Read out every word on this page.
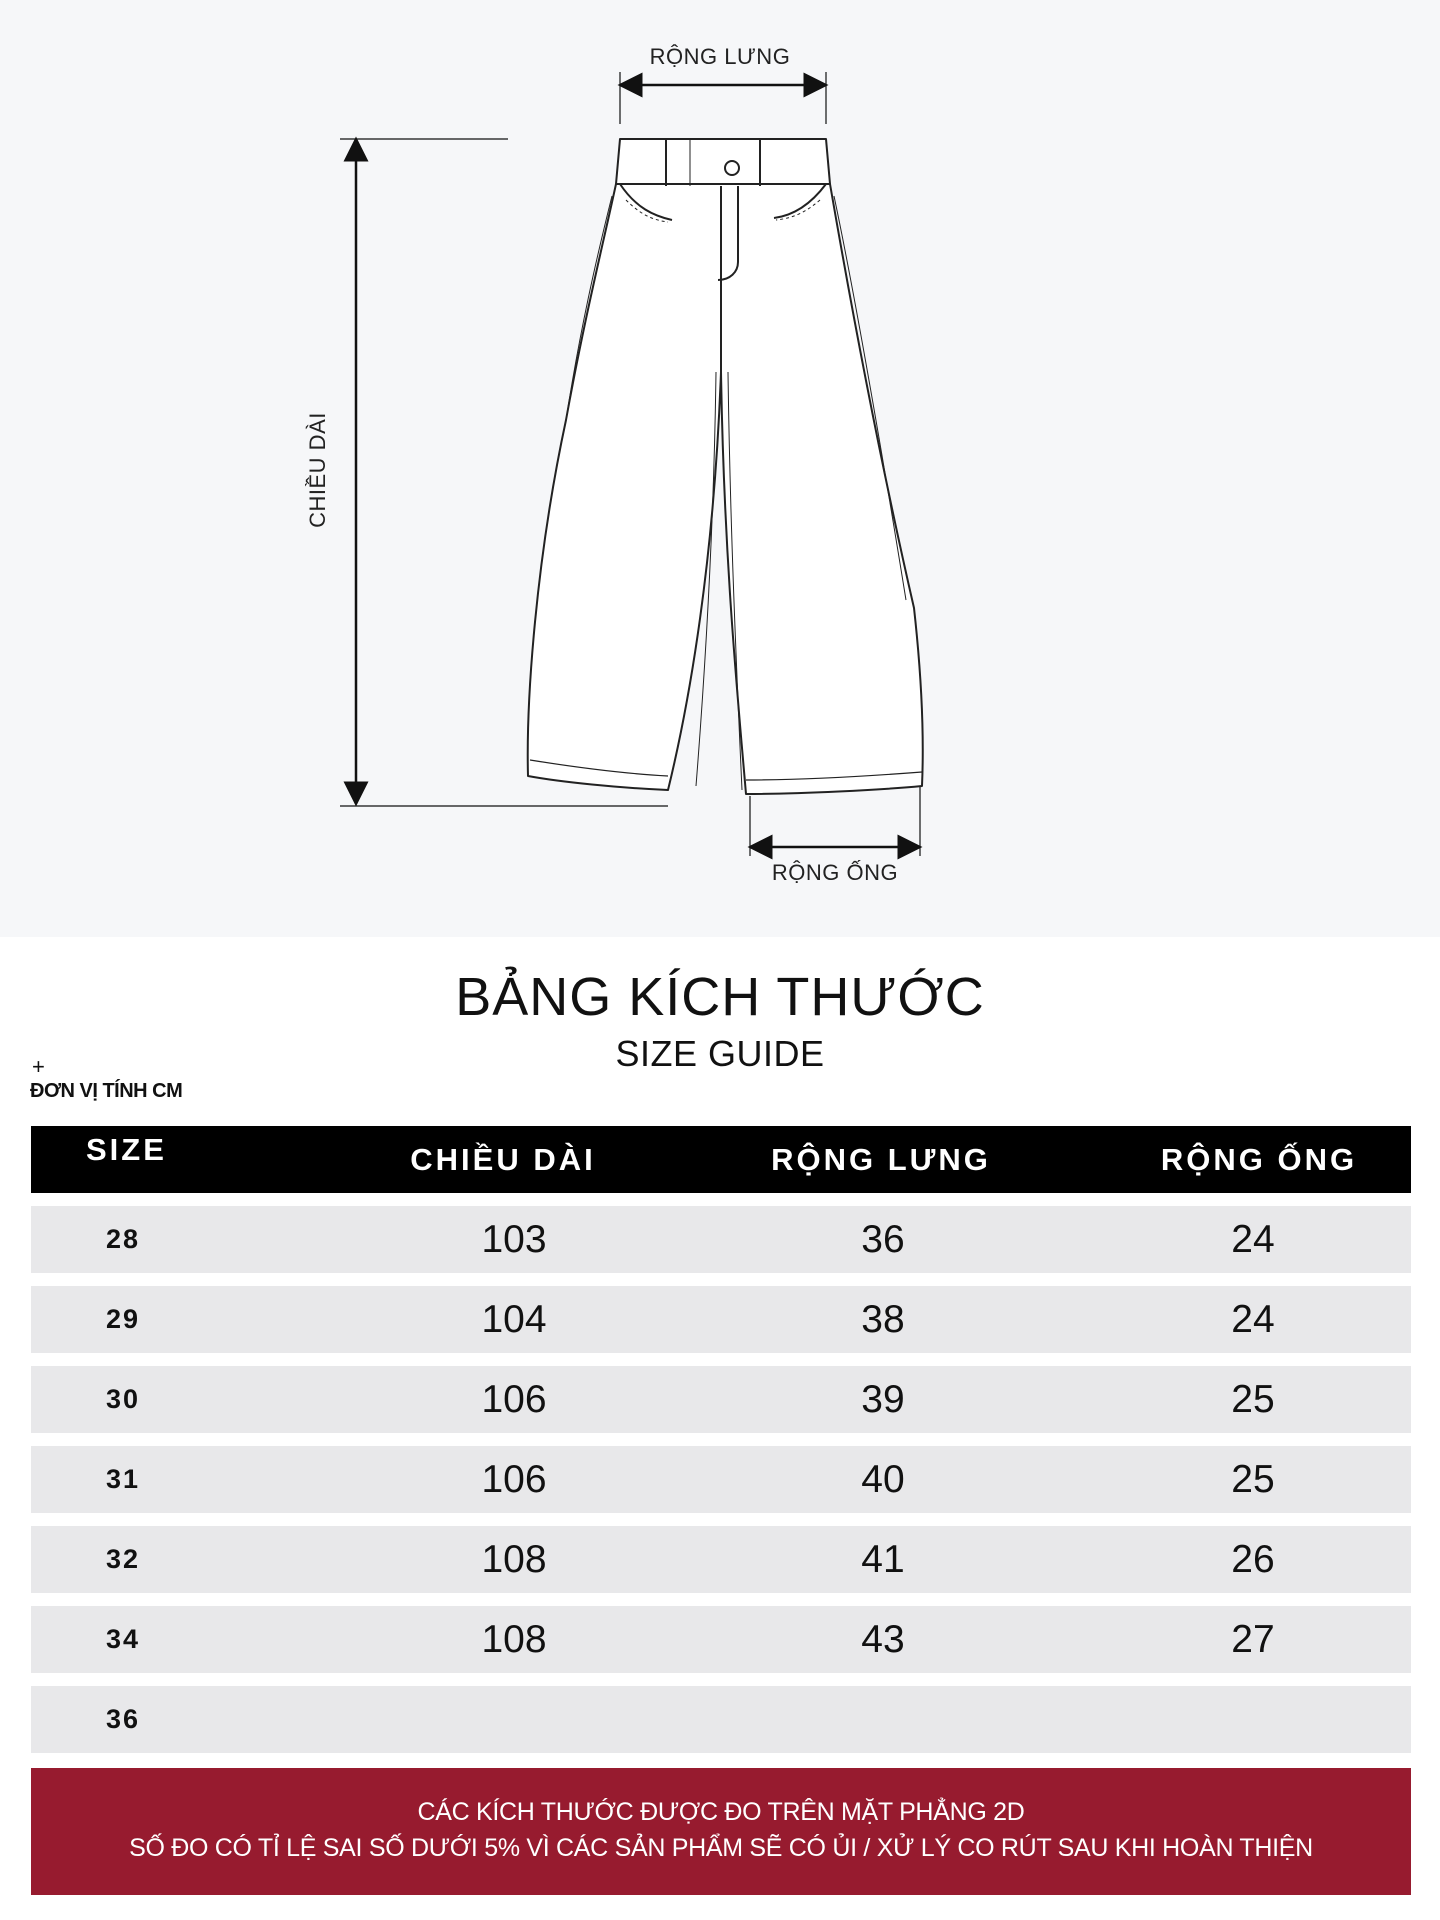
RỘNG LƯNG
CHIỀU DÀI
RỘNG ỐNG
BẢNG KÍCH THƯỚC
SIZE GUIDE
+
ĐƠN VỊ TÍNH CM
SIZE	CHIỀU DÀI	RỘNG LƯNG	RỘNG ỐNG
28	103	36	24
29	104	38	24
30	106	39	25
31	106	40	25
32	108	41	26
34	108	43	27
36
CÁC KÍCH THƯỚC ĐƯỢC ĐO TRÊN MẶT PHẲNG 2D
SỐ ĐO CÓ TỈ LỆ SAI SỐ DƯỚI 5% VÌ CÁC SẢN PHẨM SẼ CÓ ỦI / XỬ LÝ CO RÚT SAU KHI HOÀN THIỆN
